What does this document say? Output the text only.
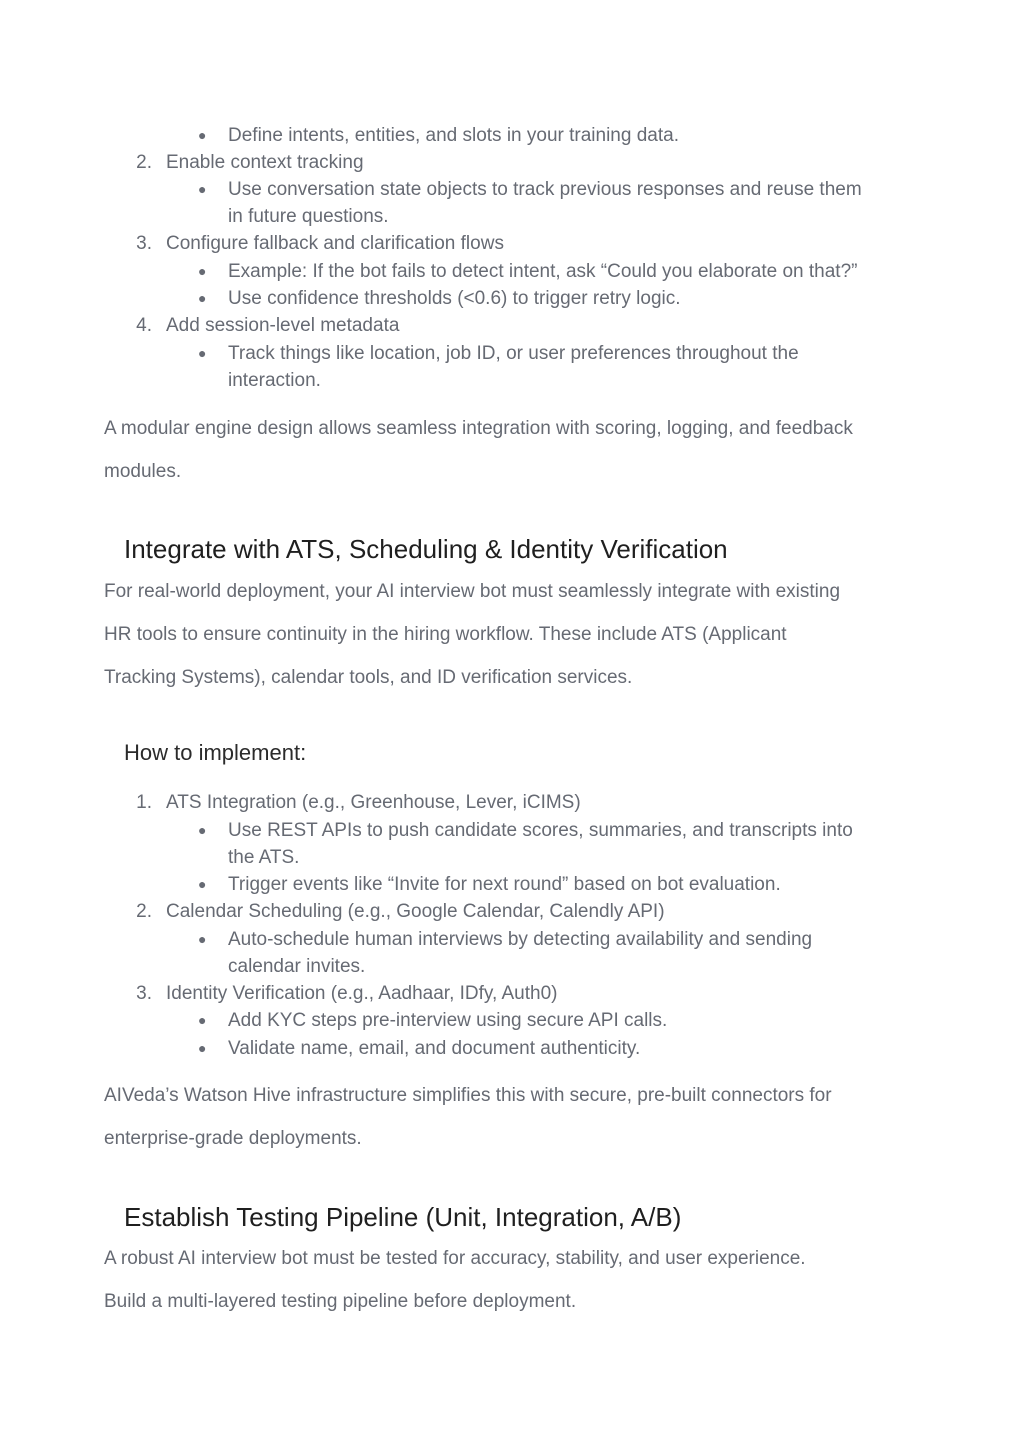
● Define intents, entities, and slots in your training data.
2. Enable context tracking
● Use conversation state objects to track previous responses and reuse them
in future questions.
3. Configure fallback and clarification flows
● Example: If the bot fails to detect intent, ask “Could you elaborate on that?”
● Use confidence thresholds (<0.6) to trigger retry logic.
4. Add session-level metadata
● Track things like location, job ID, or user preferences throughout the
interaction.
A modular engine design allows seamless integration with scoring, logging, and feedback
modules.
Integrate with ATS, Scheduling & Identity Verification
For real-world deployment, your AI interview bot must seamlessly integrate with existing
HR tools to ensure continuity in the hiring workflow. These include ATS (Applicant
Tracking Systems), calendar tools, and ID verification services.
How to implement:
1. ATS Integration (e.g., Greenhouse, Lever, iCIMS)
● Use REST APIs to push candidate scores, summaries, and transcripts into
the ATS.
● Trigger events like “Invite for next round” based on bot evaluation.
2. Calendar Scheduling (e.g., Google Calendar, Calendly API)
● Auto-schedule human interviews by detecting availability and sending
calendar invites.
3. Identity Verification (e.g., Aadhaar, IDfy, Auth0)
● Add KYC steps pre-interview using secure API calls.
● Validate name, email, and document authenticity.
AIVeda’s Watson Hive infrastructure simplifies this with secure, pre-built connectors for
enterprise-grade deployments.
Establish Testing Pipeline (Unit, Integration, A/B)
A robust AI interview bot must be tested for accuracy, stability, and user experience.
Build a multi-layered testing pipeline before deployment.
